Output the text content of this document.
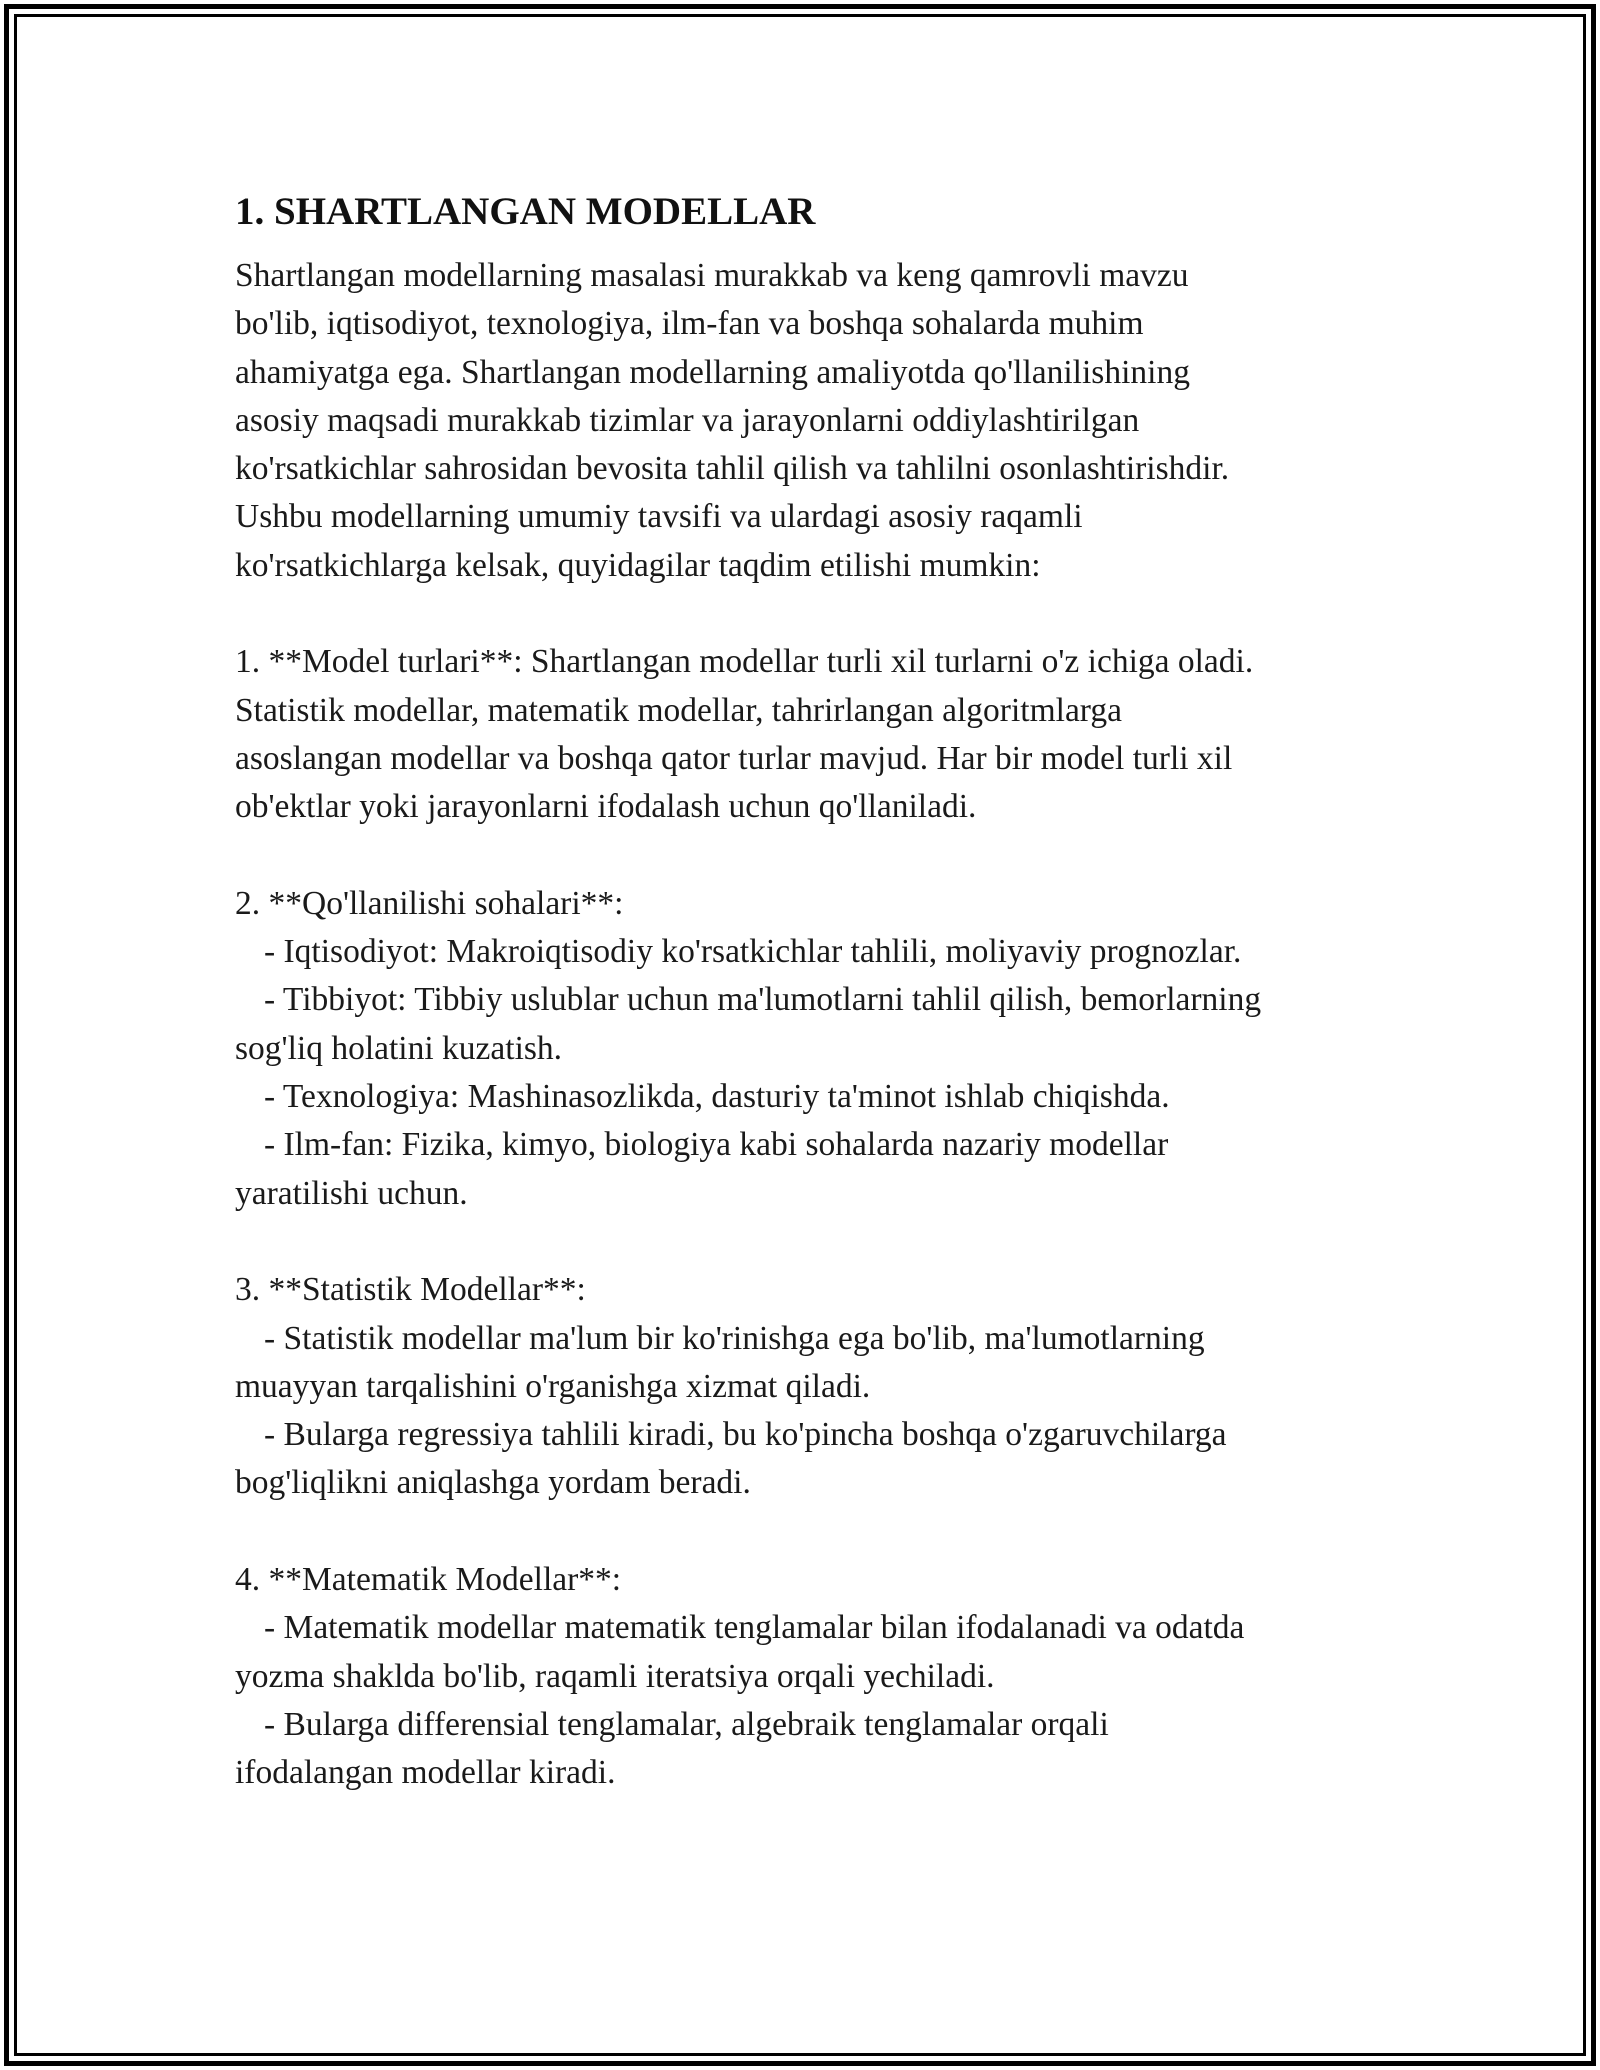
1. SHARTLANGAN MODELLAR
Shartlangan modellarning masalasi murakkab va keng qamrovli mavzu
bo'lib, iqtisodiyot, texnologiya, ilm-fan va boshqa sohalarda muhim
ahamiyatga ega. Shartlangan modellarning amaliyotda qo'llanilishining
asosiy maqsadi murakkab tizimlar va jarayonlarni oddiylashtirilgan
ko'rsatkichlar sahrosidan bevosita tahlil qilish va tahlilni osonlashtirishdir.
Ushbu modellarning umumiy tavsifi va ulardagi asosiy raqamli
ko'rsatkichlarga kelsak, quyidagilar taqdim etilishi mumkin:
1. **Model turlari**: Shartlangan modellar turli xil turlarni o'z ichiga oladi.
Statistik modellar, matematik modellar, tahrirlangan algoritmlarga
asoslangan modellar va boshqa qator turlar mavjud. Har bir model turli xil
ob'ektlar yoki jarayonlarni ifodalash uchun qo'llaniladi.
2. **Qo'llanilishi sohalari**:
- Iqtisodiyot: Makroiqtisodiy ko'rsatkichlar tahlili, moliyaviy prognozlar.
- Tibbiyot: Tibbiy uslublar uchun ma'lumotlarni tahlil qilish, bemorlarning
sog'liq holatini kuzatish.
- Texnologiya: Mashinasozlikda, dasturiy ta'minot ishlab chiqishda.
- Ilm-fan: Fizika, kimyo, biologiya kabi sohalarda nazariy modellar
yaratilishi uchun.
3. **Statistik Modellar**:
- Statistik modellar ma'lum bir ko'rinishga ega bo'lib, ma'lumotlarning
muayyan tarqalishini o'rganishga xizmat qiladi.
- Bularga regressiya tahlili kiradi, bu ko'pincha boshqa o'zgaruvchilarga
bog'liqlikni aniqlashga yordam beradi.
4. **Matematik Modellar**:
- Matematik modellar matematik tenglamalar bilan ifodalanadi va odatda
yozma shaklda bo'lib, raqamli iteratsiya orqali yechiladi.
- Bularga differensial tenglamalar, algebraik tenglamalar orqali
ifodalangan modellar kiradi.
